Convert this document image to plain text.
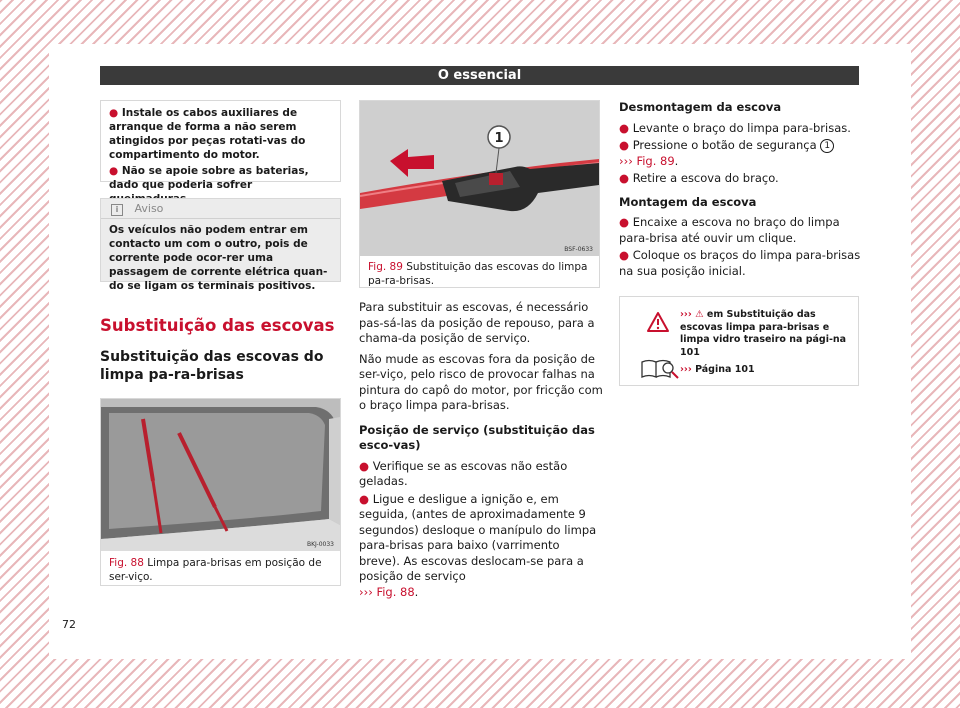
O essencial
● Instale os cabos auxiliares de arranque de forma a não serem atingidos por peças rotati-vas do compartimento do motor.
● Não se apoie sobre as baterias, dado que poderia sofrer
i Aviso
Os veículos não podem entrar em contacto um com o outro, pois de corrente pode ocor-rer uma passagem de corrente elétrica quan-do se ligam os terminais positivos.
Substituição das escovas
Substituição das escovas do limpa pa-ra-brisas
BKJ-0033
Fig. 88 Limpa para-brisas em posição de ser-viço.
1
BSF-0633
Fig. 89 Substituição das escovas do limpa pa-ra-brisas.
Para substituir as escovas, é necessário pas-sá-las da posição de repouso, para a chama-da posição de serviço.
Não mude as escovas fora da posição de ser-viço, pelo risco de provocar falhas na pintura do capô do motor, por fricção com o braço limpa para-brisas.
Posição de serviço (substituição das esco-vas)
● Verifique se as escovas não estão geladas.
● Ligue e desligue a ignição e, em seguida, (antes de aproximadamente 9 segundos) desloque o manípulo do limpa para-brisas para baixo (varrimento breve). As escovas deslocam-se para a posição de serviço
››› Fig. 88.
Desmontagem da escova
● Levante o braço do limpa para-brisas.
● Pressione o botão de segurança 1
››› Fig. 89.
● Retire a escova do braço.
Montagem da escova
● Encaixe a escova no braço do limpa para-brisa até ouvir um clique.
● Coloque os braços do limpa para-brisas na sua posição inicial.
››› ⚠ em Substituição das escovas limpa para-brisas e limpa vidro traseiro na pági-na 101
››› Página 101
72
